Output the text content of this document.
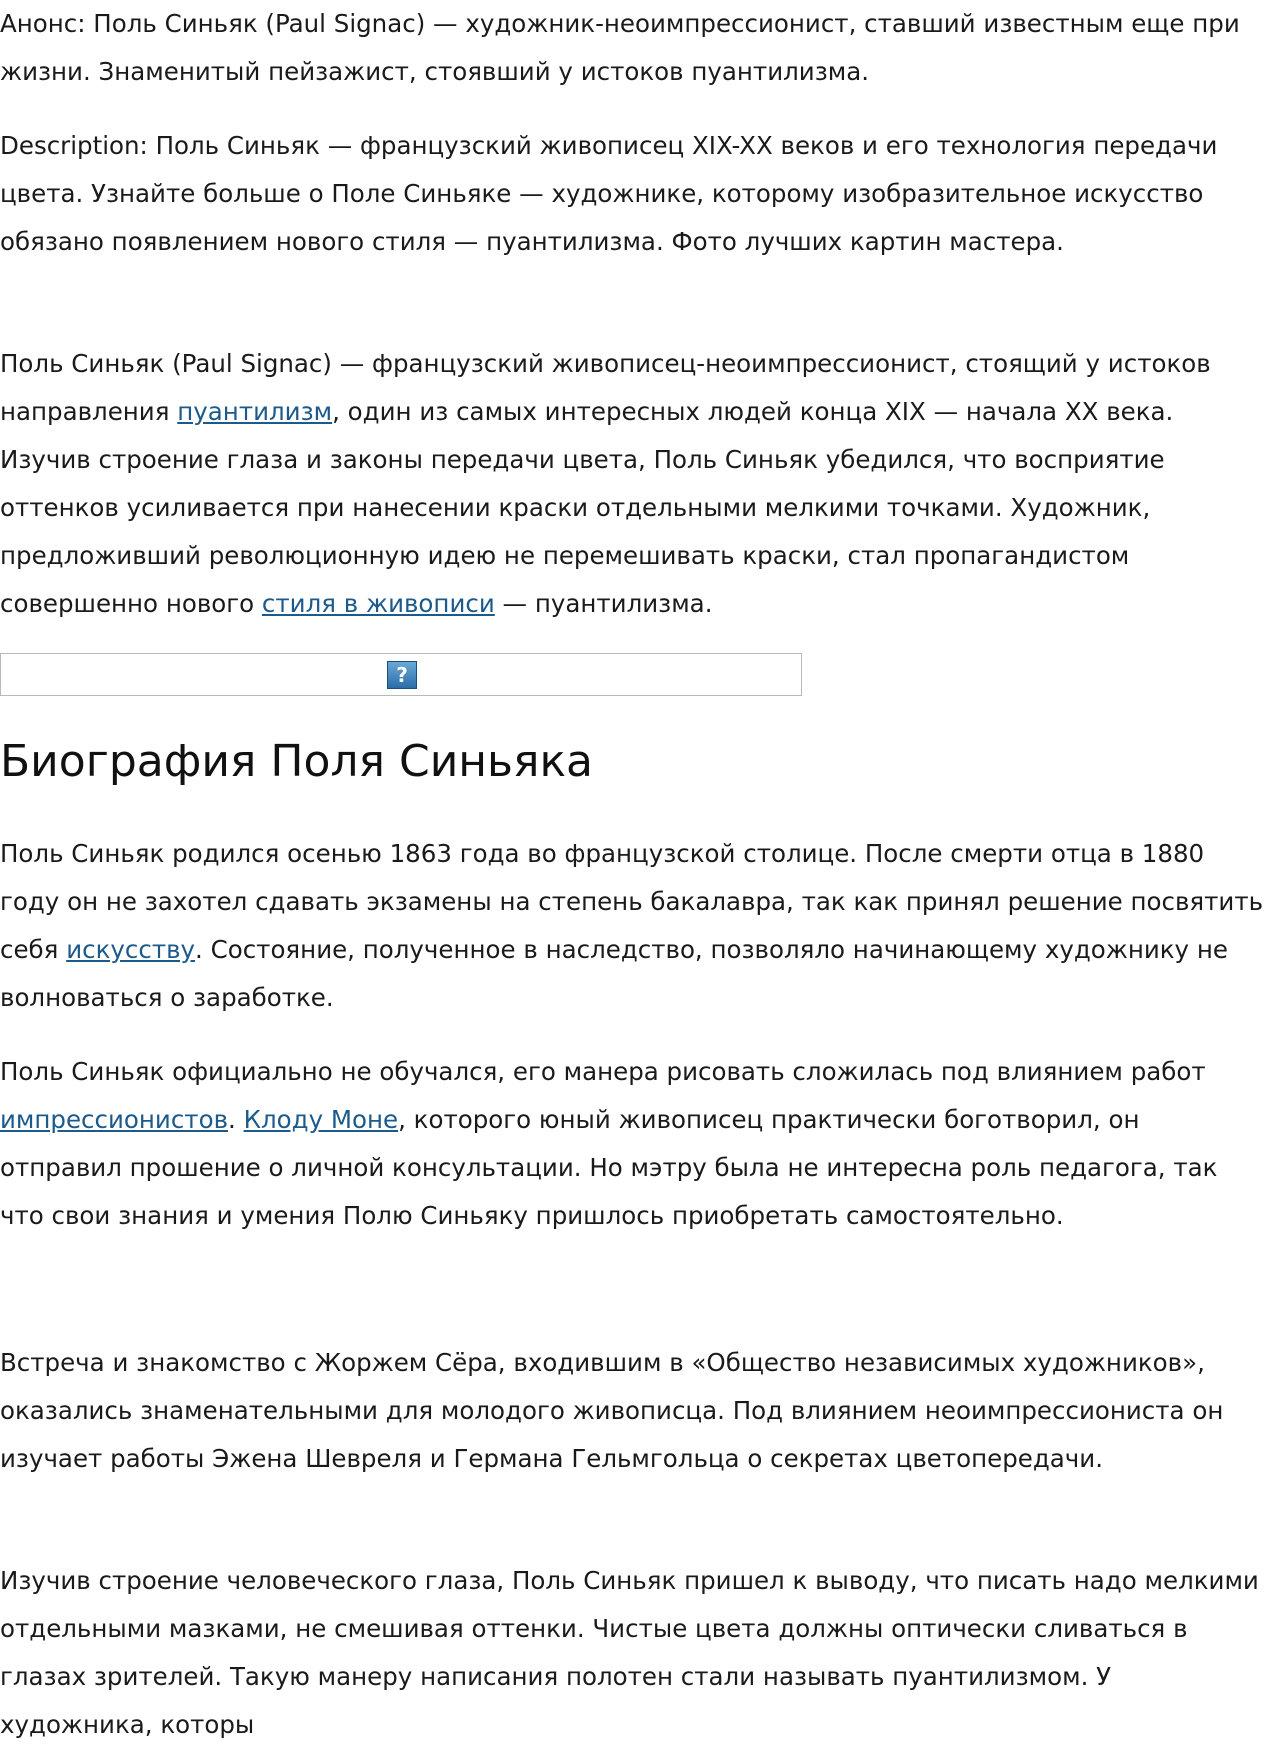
Анонс: Поль Синьяк (Paul Signac) — художник-неоимпрессионист, ставший известным еще при жизни. Знаменитый пейзажист, стоявший у истоков пуантилизма.

Description: Поль Синьяк — французский живописец XIX-XX веков и его технология передачи цвета. Узнайте больше о Поле Синьяке — художнике, которому изобразительное искусство обязано появлением нового стиля — пуантилизма. Фото лучших картин мастера.

Поль Синьяк (Paul Signac) — французский живописец-неоимпрессионист, стоящий у истоков направления пуантилизм, один из самых интересных людей конца XIX — начала XX века. Изучив строение глаза и законы передачи цвета, Поль Синьяк убедился, что восприятие оттенков усиливается при нанесении краски отдельными мелкими точками. Художник, предложивший революционную идею не перемешивать краски, стал пропагандистом совершенно нового стиля в живописи — пуантилизма.

?
Биография Поля Синьяка

Поль Синьяк родился осенью 1863 года во французской столице. После смерти отца в 1880 году он не захотел сдавать экзамены на степень бакалавра, так как принял решение посвятить себя искусству. Состояние, полученное в наследство, позволяло начинающему художнику не волноваться о заработке.

Поль Синьяк официально не обучался, его манера рисовать сложилась под влиянием работ импрессионистов. Клоду Моне, которого юный живописец практически боготворил, он отправил прошение о личной консультации. Но мэтру была не интересна роль педагога, так что свои знания и умения Полю Синьяку пришлось приобретать самостоятельно.

Встреча и знакомство с Жоржем Сёра, входившим в «Общество независимых художников», оказались знаменательными для молодого живописца. Под влиянием неоимпрессиониста он изучает работы Эжена Шевреля и Германа Гельмгольца о секретах цветопередачи.

Изучив строение человеческого глаза, Поль Синьяк пришел к выводу, что писать надо мелкими отдельными мазками, не смешивая оттенки. Чистые цвета должны оптически сливаться в глазах зрителей. Такую манеру написания полотен стали называть пуантилизмом. У художника, которы
